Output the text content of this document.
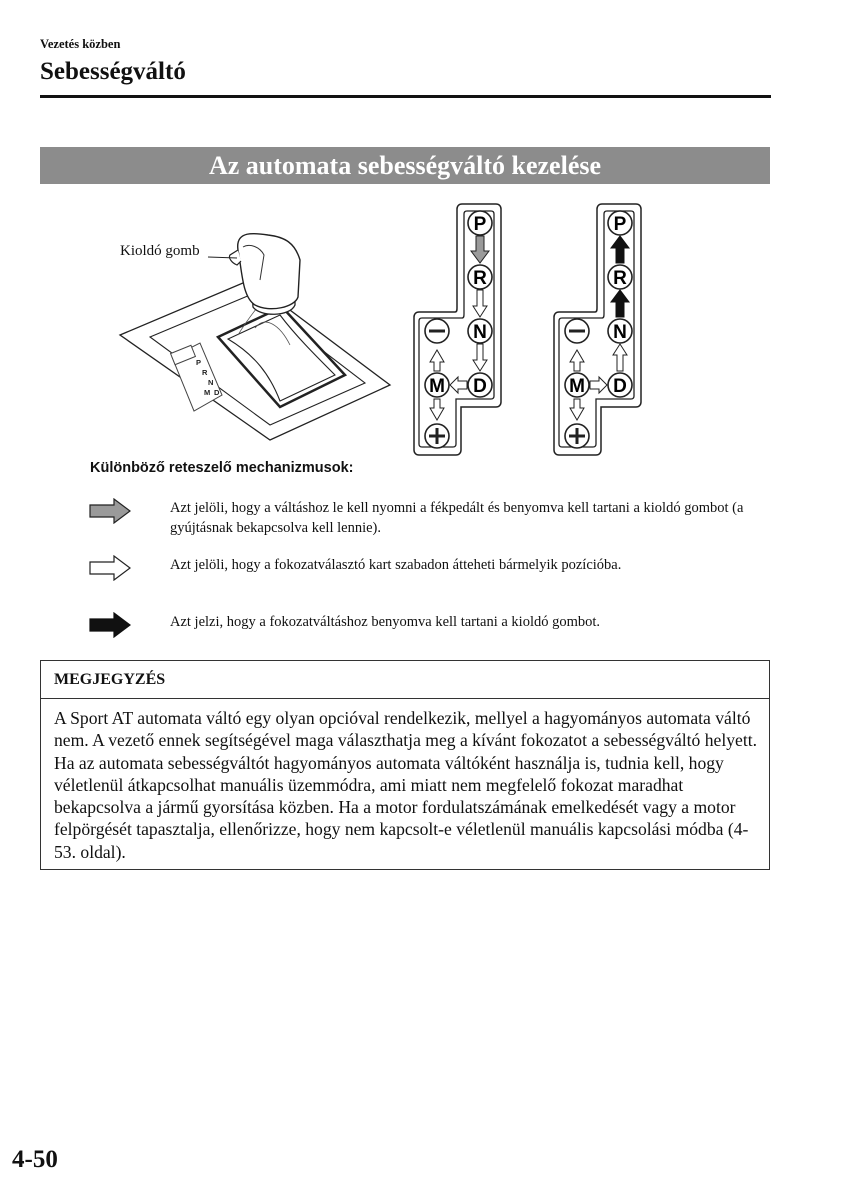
Vezetés közben
Sebességváltó
Az automata sebességváltó kezelése
P
R
N
D
M
Kioldó gomb
P
R
N
D
M
P
R
N
D
M
Különböző reteszelő mechanizmusok:
Azt jelöli, hogy a váltáshoz le kell nyomni a fékpedált és benyomva kell tartani a kioldó gombot (a gyújtásnak bekapcsolva kell lennie).
Azt jelöli, hogy a fokozatválasztó kart szabadon átteheti bármelyik pozícióba.
Azt jelzi, hogy a fokozatváltáshoz benyomva kell tartani a kioldó gombot.
MEGJEGYZÉS
A Sport AT automata váltó egy olyan opcióval rendelkezik, mellyel a hagyományos automata váltó nem. A vezető ennek segítségével maga választhatja meg a kívánt fokozatot a sebességváltó helyett. Ha az automata sebességváltót hagyományos automata váltóként használja is, tudnia kell, hogy véletlenül átkapcsolhat manuális üzemmódra, ami miatt nem megfelelő fokozat maradhat bekapcsolva a jármű gyorsítása közben. Ha a motor fordulatszámának emelkedését vagy a motor felpörgését tapasztalja, ellenőrizze, hogy nem kapcsolt-e véletlenül manuális kapcsolási módba (4-53. oldal).
4-50
